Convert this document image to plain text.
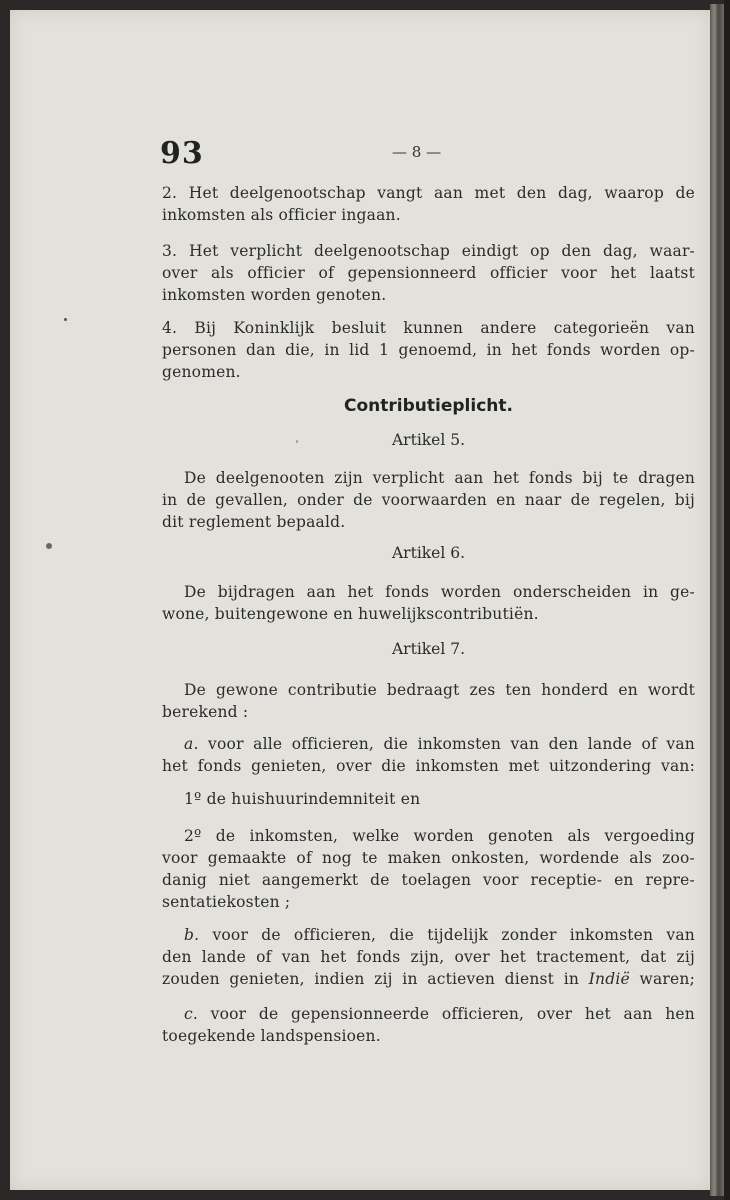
93	— 8 —
2. Het deelgenootschap vangt aan met den dag, waarop de
inkomsten als officier ingaan.
3. Het verplicht deelgenootschap eindigt op den dag, waar-
over als officier of gepensionneerd officier voor het laatst
inkomsten worden genoten.
4. Bij Koninklijk besluit kunnen andere categorieën van
personen dan die, in lid 1 genoemd, in het fonds worden op-
genomen.
Contributieplicht.
Artikel 5.
De deelgenooten zijn verplicht aan het fonds bij te dragen
in de gevallen, onder de voorwaarden en naar de regelen, bij
dit reglement bepaald.
Artikel 6.
De bijdragen aan het fonds worden onderscheiden in ge-
wone, buitengewone en huwelijkscontributiën.
Artikel 7.
De gewone contributie bedraagt zes ten honderd en wordt
berekend :
a. voor alle officieren, die inkomsten van den lande of van
het fonds genieten, over die inkomsten met uitzondering van:
1º de huishuurindemniteit en
2º de inkomsten, welke worden genoten als vergoeding
voor gemaakte of nog te maken onkosten, wordende als zoo-
danig niet aangemerkt de toelagen voor receptie- en repre-
sentatiekosten ;
b. voor de officieren, die tijdelijk zonder inkomsten van
den lande of van het fonds zijn, over het tractement, dat zij
zouden genieten, indien zij in actieven dienst in Indië waren;
c. voor de gepensionneerde officieren, over het aan hen
toegekende landspensioen.
